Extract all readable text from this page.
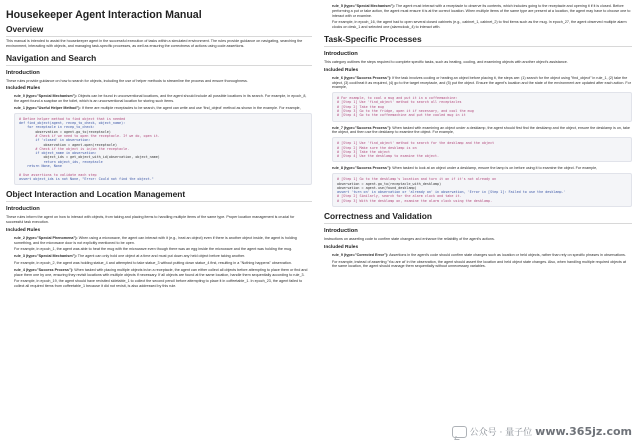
Housekeeper Agent Interaction Manual
Overview

This manual is intended to assist the housekeeper agent in the successful execution of tasks within a simulated environment. The rules provide guidance on navigating, searching the environment, interacting with objects, and managing task-specific processes, as well as ensuring the correctness of actions using code assertions.

Navigation and Search
Introduction

These rules provide guidance on how to search for objects, including the use of helper methods to streamline the process and ensure thoroughness.

Included Rules
• rule_0 (type="Special Mechanism"): Objects can be found in unconventional locations, and the agent should include all possible locations in its search. For example, in epoch_8, the agent found a soapbar on the toilet, which is an unconventional location for storing such items.
• rule_1 (type="Useful Helper Method"): If there are multiple receptacles to be search, the agent can write and use 'find_object' method as shown in the example. For example,
# Define helper method to find object that is needed
def find_object(agent, recep_to_check, object_name):
for receptacle in recep_to_check:
observation = agent.go_to(receptacle)
# Check if we need to open the receptacle. If we do, open it.
if 'closed' in observation:
observation = agent.open(receptacle)
# Check if the object is in/on the receptacle.
if object_name in observation:
object_ids = get_object_with_id(observation, object_name)
return object_ids, receptacle
return None, None

# Use assertions to validate each step
assert object_ids is not None, "Error: Could not find the object."
Object Interaction and Location Management
Introduction

These rules inform the agent on how to interact with objects, from taking and placing items to handling multiple items of the same type. Proper location management is crucial for successful task execution.

Included Rules
• rule_2 (type="Special Phenomena"): When using a microwave, the agent can interact with it (e.g., heat an object) even if there is another object inside, the agent is holding something, and the microwave door is not explicitly mentioned to be open.

For example, in epoch_1, the agent was able to heat the mug with the microwave even though there was an egg inside the microwave and the agent was holding the mug.

• rule_3 (type="Special Mechanism"): The agent can only hold one object at a time and must put down any held object before taking another.

For example, in epoch_2, the agent was holding statue_4 and attempted to take statue_3 without putting down statue_4 first, resulting in a "Nothing happens" observation.

• rule_4 (type="Success Process"): When tasked with placing multiple objects in/on a receptacle, the agent can either collect all objects before attempting to place them or find and place them one by one, ensuring they revisit locations with multiple objects if necessary. If all objects are found at the same location, handle them sequentially according to rule_3.

For example, in epoch_19, the agent should have revisited sidetable_1 to collect the second pencil before attempting to place it in coffeetable_1. In epoch_23, the agent failed to collect all required items from coffeetable_1 because it did not revisit, is also addressed by this rule.

• rule_5 (type="Special Mechanism"): The agent must interact with a receptacle to observe its contents, which includes going to the receptacle and opening it if it is closed. Before performing a put or take action, the agent must ensure it is at the correct location. When multiple items of the same type are present at a location, the agent may have to choose one to interact with or examine.

For example, in epoch_16, the agent had to open several closed cabinets (e.g., cabinet_1, cabinet_2) to find items such as the mug. In epoch_27, the agent observed multiple alarm clocks on desk_1 and selected one (alarmclock_4) to interact with.

Task-Specific Processes
Introduction

This category outlines the steps required to complete specific tasks, such as heating, cooling, and examining objects with another object's assistance.

Included Rules
• rule_6 (type="Success Process"): If the task involves cooling or heating an object before placing it, the steps are: (1) search for the object using "find_object" in rule_1, (2) take the object, (3) cool/heat it as required, (4) go to the target receptacle, and (5) put the object. Ensure the agent's location and the state of the environment are updated after each action. For example,
# For example, to cool a mug and put it in a coffeemachine:
# [Step 1] Use 'find_object' method to search all receptacles
# [Step 2] Take the mug
# [Step 3] Go to the fridge, open it if necessary, and cool the mug
# [Step 4] Go to the coffeemachine and put the cooled mug in it
• rule_7 (type="Success Process"): When tasked with examining an object under a desklamp, the agent should first find the desklamp and the object, ensure the desklamp is on, take the object, and then use the desklamp to examine the object. For example,
# [Step 1] Use 'find_object' method to search for the desklamp and the object
# [Step 2] Make sure the desklamp is on
# [Step 3] Take the object
# [Step 4] Use the desklamp to examine the object.
• rule_8 (type="Success Process"): When tasked to look at an object under a desklamp, ensure the lamp is on before using it to examine the object. For example,
# [Step 1] Go to the desklamp's location and turn it on if it's not already on
observation = agent.go_to(receptacle_with_desklamp)
observation = agent.use(found_desklamp)
assert 'turn on' in observation or 'already on' in observation, 'Error in [Step 1]: Failed to use the desklamp.'
# [Step 2] Similarly, search for the alarm clock and take it.
# [Step 3] With the desklamp on, examine the alarm clock using the desklamp.
Correctness and Validation
Introduction

Instructions on asserting code to confirm state changes and enhance the reliability of the agent's actions.

Included Rules
• rule_9 (type="Corrected Error"): Assertions in the agent's code should confirm state changes such as location or held objects, rather than rely on specific phrases in observations.

For example, instead of asserting 'You are at' in the observation, the agent should assert the location and held object state changes. Also, when handling multiple required objects at the same location, the agent should manage them sequentially without unnecessary variables.

公众号 · 量子位 www.365jz.com
